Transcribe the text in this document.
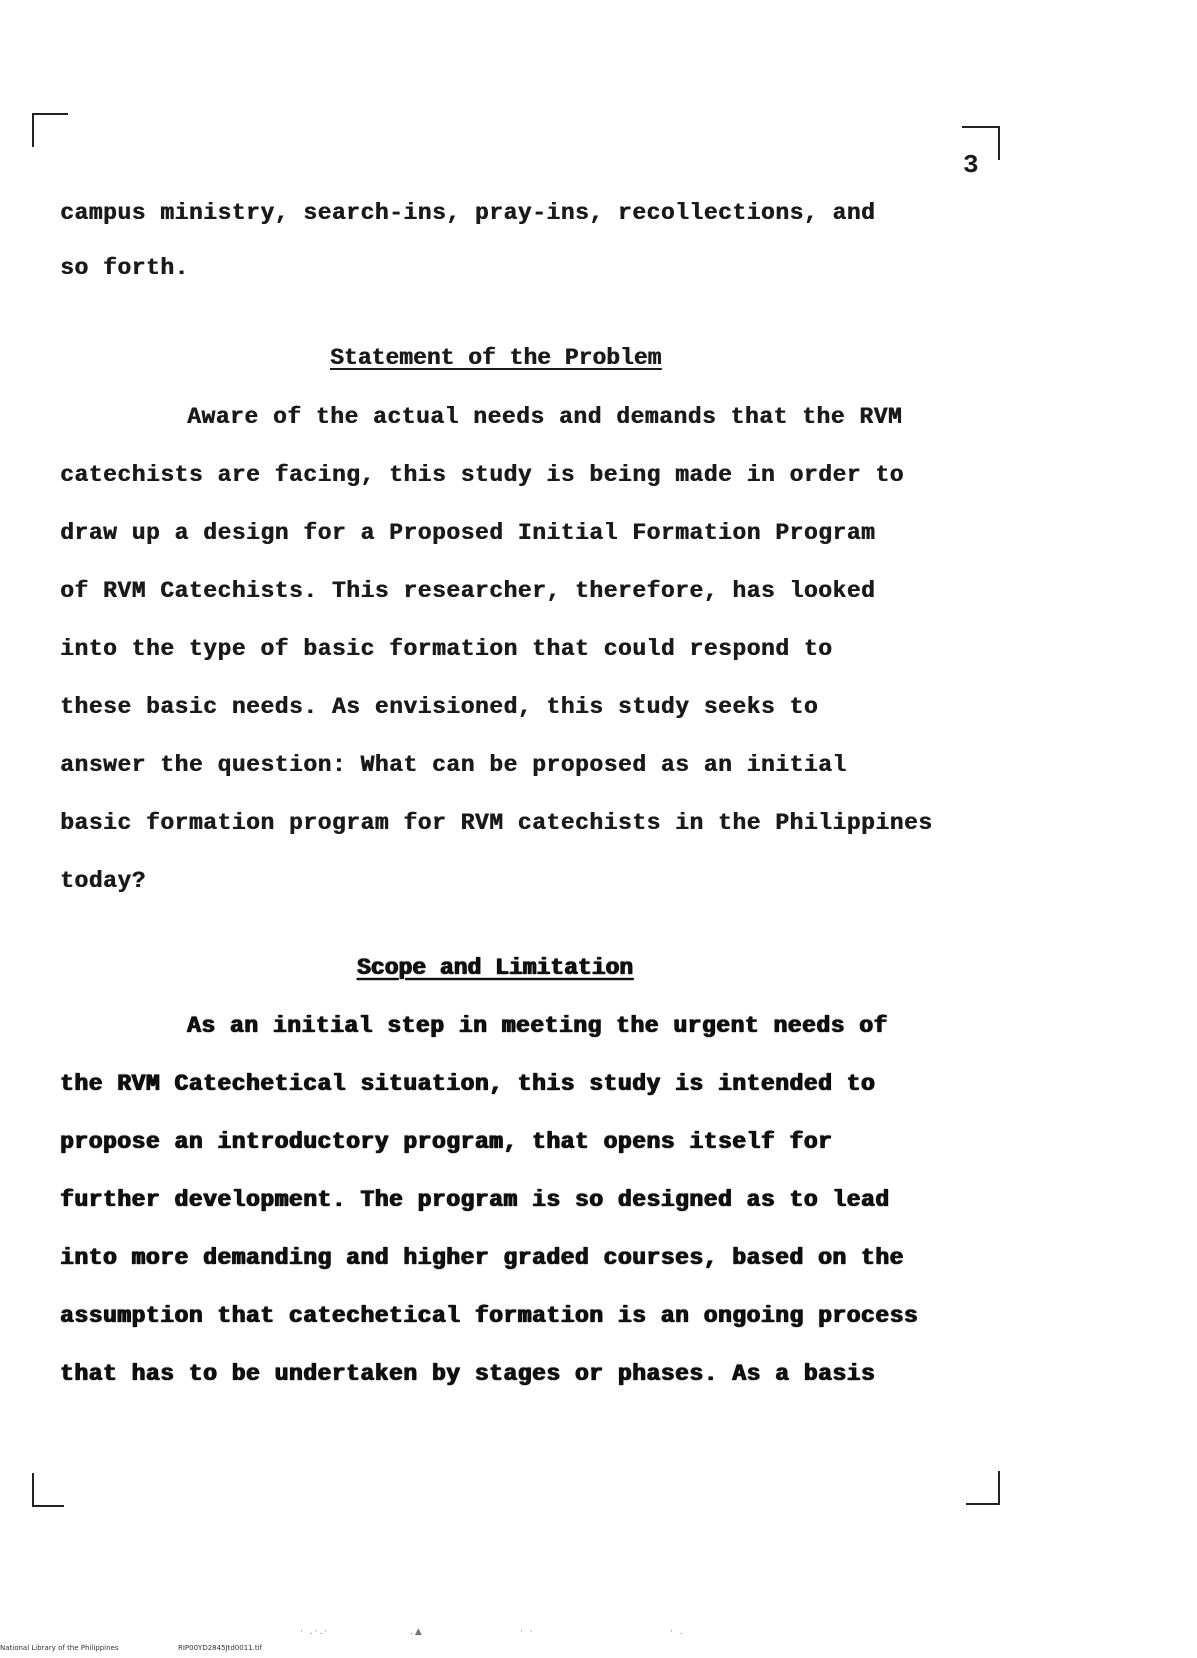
3
campus ministry, search-ins, pray-ins, recollections, and
so forth.
Statement of the Problem
Aware of the actual needs and demands that the RVM
catechists are facing, this study is being made in order to
draw up a design for a Proposed Initial Formation Program
of RVM Catechists. This researcher, therefore, has looked
into the type of basic formation that could respond to
these basic needs. As envisioned, this study seeks to
answer the question: What can be proposed as an initial
basic formation program for RVM catechists in the Philippines
today?
Scope and Limitation
As an initial step in meeting the urgent needs of
the RVM Catechetical situation, this study is intended to
propose an introductory program, that opens itself for
further development. The program is so designed as to lead
into more demanding and higher graded courses, based on the
assumption that catechetical formation is an ongoing process
that has to be undertaken by stages or phases. As a basis
· .·.·	.▲	· ·	· .
National Library of the Philippines	RIP00YD2845Jtd0011.tif
